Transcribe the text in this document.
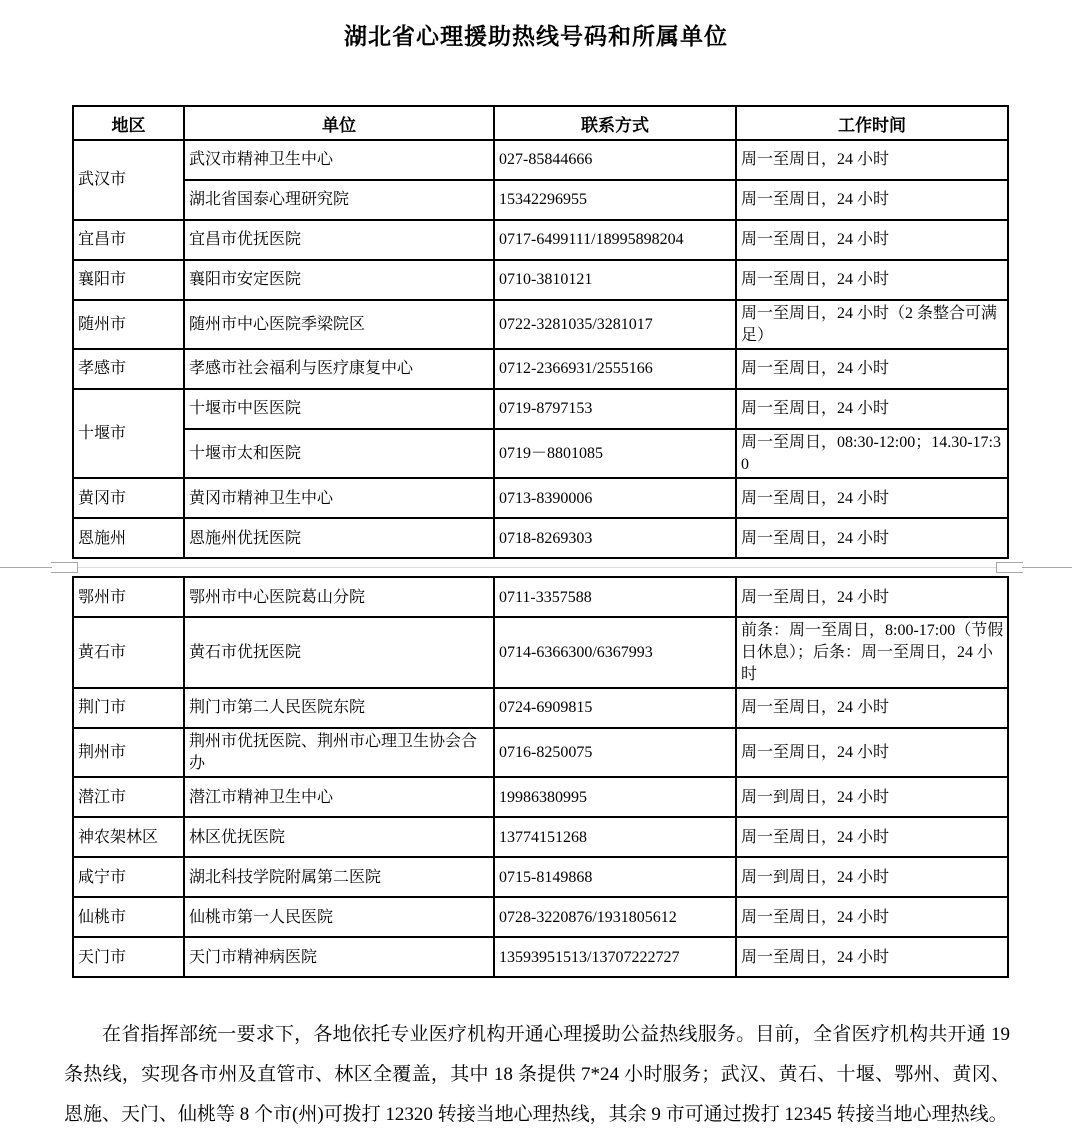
湖北省心理援助热线号码和所属单位
地区	单位	联系方式	工作时间
武汉市	武汉市精神卫生中心	027-85844666	周一至周日，24 小时
	湖北省国泰心理研究院	15342296955	周一至周日，24 小时
宜昌市	宜昌市优抚医院	0717-6499111/18995898204	周一至周日，24 小时
襄阳市	襄阳市安定医院	0710-3810121	周一至周日，24 小时
随州市	随州市中心医院季梁院区	0722-3281035/3281017	周一至周日，24 小时（2 条整合可满足）
孝感市	孝感市社会福利与医疗康复中心	0712-2366931/2555166	周一至周日，24 小时
十堰市	十堰市中医医院	0719-8797153	周一至周日，24 小时
	十堰市太和医院	0719－8801085	周一至周日，08:30-12:00；14.30-17:30
黄冈市	黄冈市精神卫生中心	0713-8390006	周一至周日，24 小时
恩施州	恩施州优抚医院	0718-8269303	周一至周日，24 小时
鄂州市	鄂州市中心医院葛山分院	0711-3357588	周一至周日，24 小时
黄石市	黄石市优抚医院	0714-6366300/6367993	前条：周一至周日，8:00-17:00（节假日休息）；后条：周一至周日，24 小时
荆门市	荆门市第二人民医院东院	0724-6909815	周一至周日，24 小时
荆州市	荆州市优抚医院、荆州市心理卫生协会合办	0716-8250075	周一至周日，24 小时
潜江市	潜江市精神卫生中心	19986380995	周一到周日，24 小时
神农架林区	林区优抚医院	13774151268	周一至周日，24 小时
咸宁市	湖北科技学院附属第二医院	0715-8149868	周一到周日，24 小时
仙桃市	仙桃市第一人民医院	0728-3220876/1931805612	周一至周日，24 小时
天门市	天门市精神病医院	13593951513/13707222727	周一至周日，24 小时

在省指挥部统一要求下，各地依托专业医疗机构开通心理援助公益热线服务。目前，全省医疗机构共开通 19 条热线，实现各市州及直管市、林区全覆盖，其中 18 条提供 7*24 小时服务；武汉、黄石、十堰、鄂州、黄冈、恩施、天门、仙桃等 8 个市(州)可拨打 12320 转接当地心理热线，其余 9 市可通过拨打 12345 转接当地心理热线。
